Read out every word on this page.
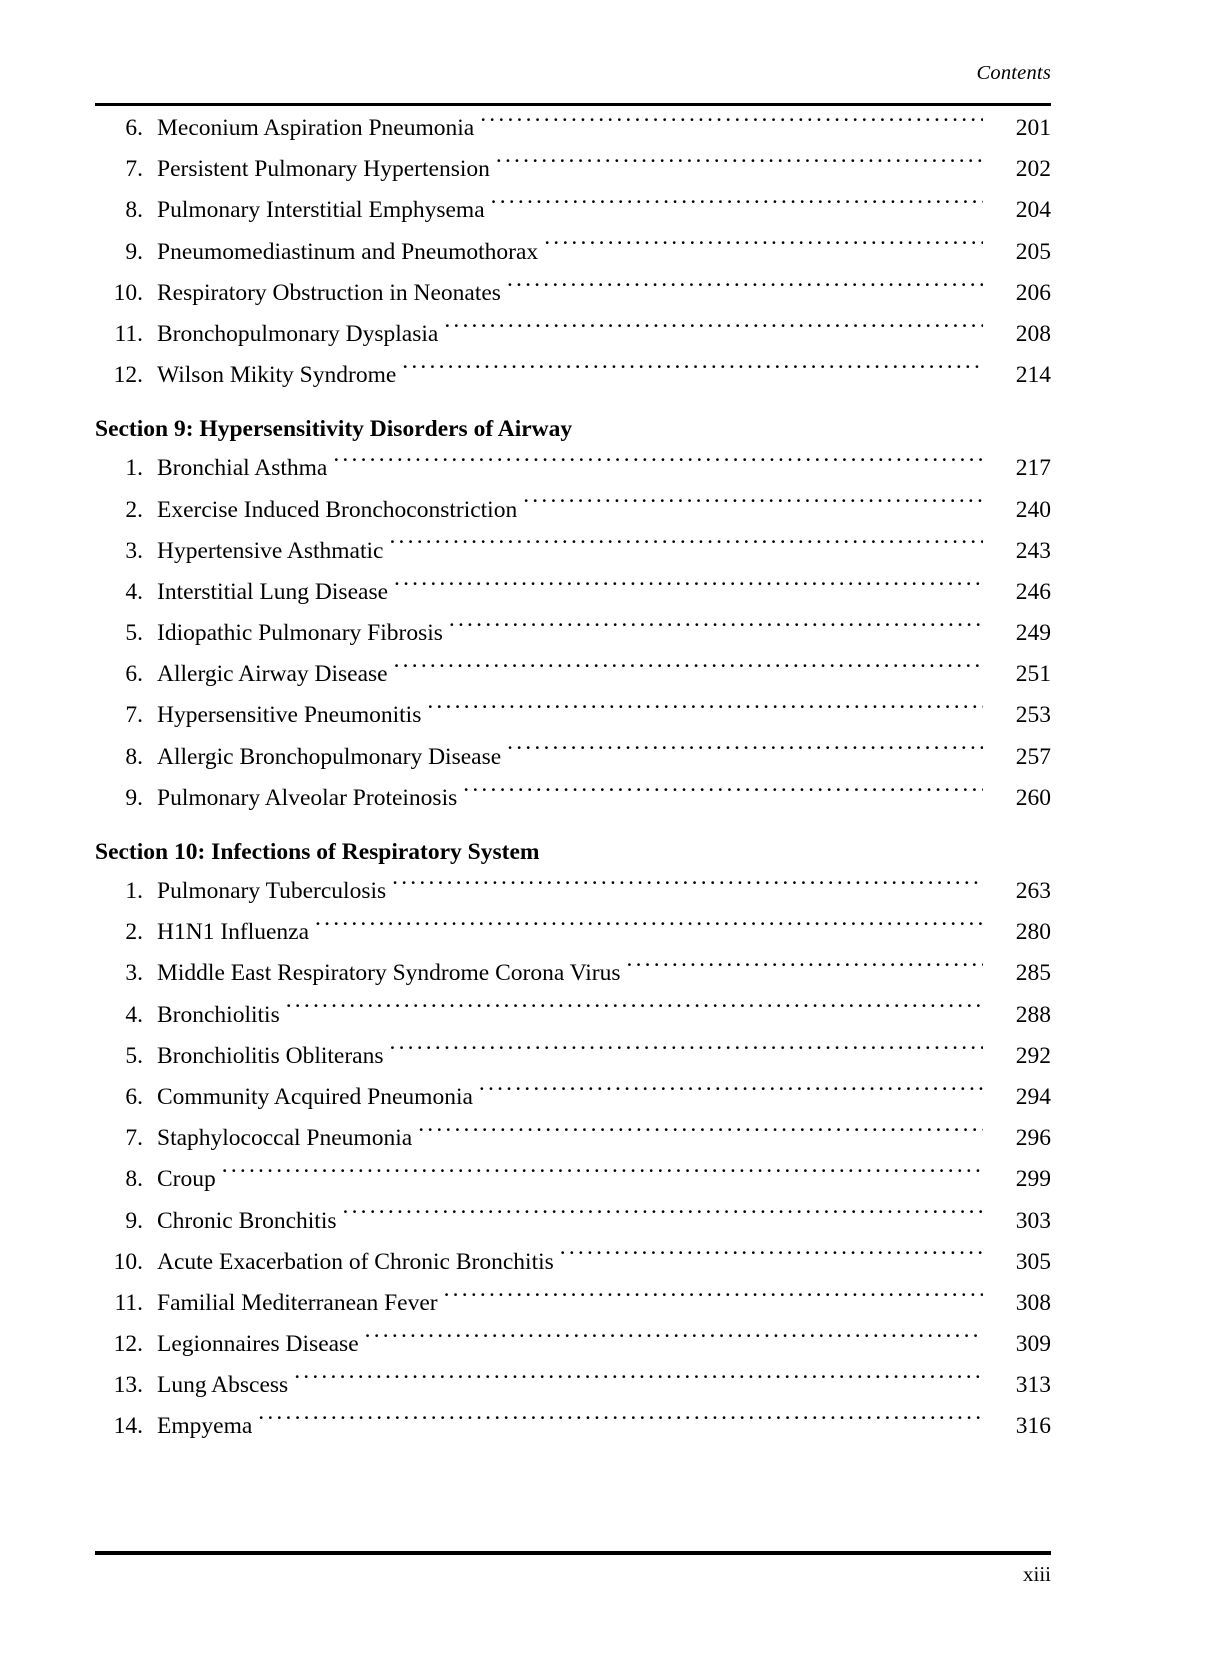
Contents
6 . Meconium Aspiration Pneumonia .....	201
7 . Persistent Pulmonary Hypertension .....	202
8 . Pulmonary Interstitial Emphysema .....	204
9 . Pneumomediastinum and Pneumothorax .....	205
10 . Respiratory Obstruction in Neonates .....	206
11 . Bronchopulmonary Dysplasia .....	208
12 . Wilson Mikity Syndrome .....	214
Section 9: Hypersensitivity Disorders of Airway
1 . Bronchial Asthma .....	217
2 . Exercise Induced Bronchoconstriction .....	240
3 . Hypertensive Asthmatic .....	243
4 . Interstitial Lung Disease .....	246
5 . Idiopathic Pulmonary Fibrosis .....	249
6 . Allergic Airway Disease .....	251
7 . Hypersensitive Pneumonitis .....	253
8 . Allergic Bronchopulmonary Disease .....	257
9 . Pulmonary Alveolar Proteinosis .....	260
Section 10: Infections of Respiratory System
1 . Pulmonary Tuberculosis .....	263
2 . H1N1 Influenza .....	280
3 . Middle East Respiratory Syndrome Corona Virus .....	285
4 . Bronchiolitis .....	288
5 . Bronchiolitis Obliterans .....	292
6 . Community Acquired Pneumonia .....	294
7 . Staphylococcal Pneumonia .....	296
8 . Croup .....	299
9 . Chronic Bronchitis .....	303
10 . Acute Exacerbation of Chronic Bronchitis .....	305
11 . Familial Mediterranean Fever .....	308
12 . Legionnaires Disease .....	309
13 . Lung Abscess .....	313
14 . Empyema .....	316
xiii
